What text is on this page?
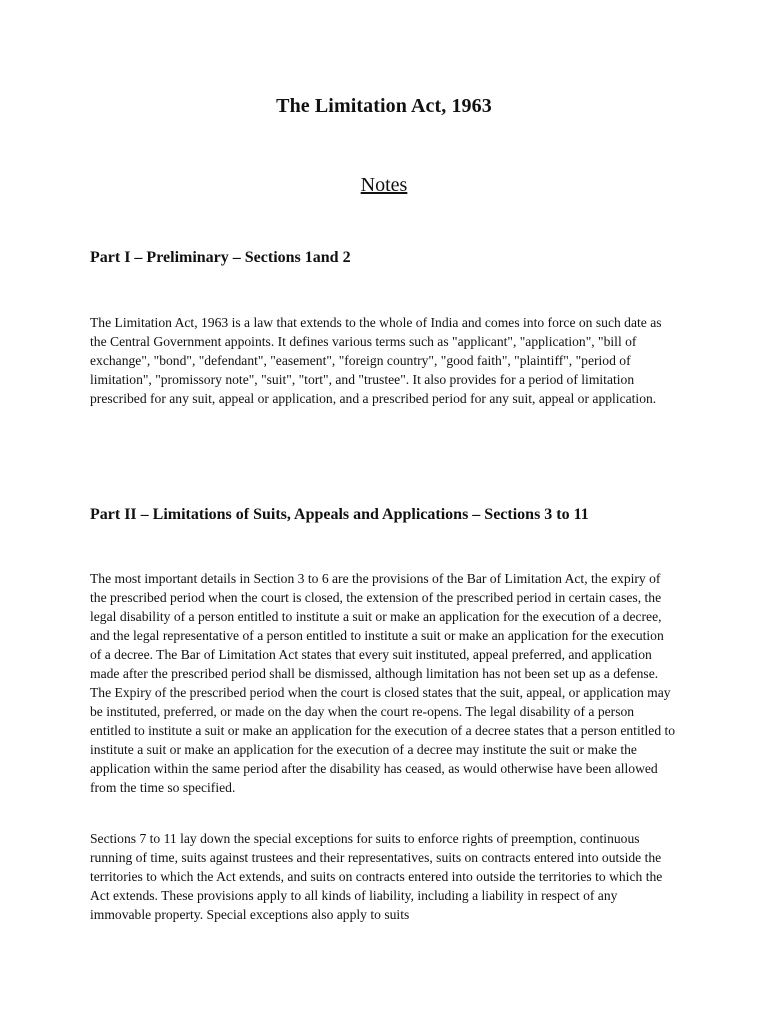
The Limitation Act, 1963
Notes
Part I – Preliminary – Sections 1and 2

The Limitation Act, 1963 is a law that extends to the whole of India and comes into force on such date as the Central Government appoints. It defines various terms such as "applicant", "application", "bill of exchange", "bond", "defendant", "easement", "foreign country", "good faith", "plaintiff", "period of limitation", "promissory note", "suit", "tort", and "trustee". It also provides for a period of limitation prescribed for any suit, appeal or application, and a prescribed period for any suit, appeal or application.

Part II – Limitations of Suits, Appeals and Applications – Sections 3 to 11

The most important details in Section 3 to 6 are the provisions of the Bar of Limitation Act, the expiry of the prescribed period when the court is closed, the extension of the prescribed period in certain cases, the legal disability of a person entitled to institute a suit or make an application for the execution of a decree, and the legal representative of a person entitled to institute a suit or make an application for the execution of a decree. The Bar of Limitation Act states that every suit instituted, appeal preferred, and application made after the prescribed period shall be dismissed, although limitation has not been set up as a defense. The Expiry of the prescribed period when the court is closed states that the suit, appeal, or application may be instituted, preferred, or made on the day when the court re-opens. The legal disability of a person entitled to institute a suit or make an application for the execution of a decree states that a person entitled to institute a suit or make an application for the execution of a decree may institute the suit or make the application within the same period after the disability has ceased, as would otherwise have been allowed from the time so specified.

Sections 7 to 11 lay down the special exceptions for suits to enforce rights of preemption, continuous running of time, suits against trustees and their representatives, suits on contracts entered into outside the territories to which the Act extends, and suits on contracts entered into outside the territories to which the Act extends. These provisions apply to all kinds of liability, including a liability in respect of any immovable property. Special exceptions also apply to suits
